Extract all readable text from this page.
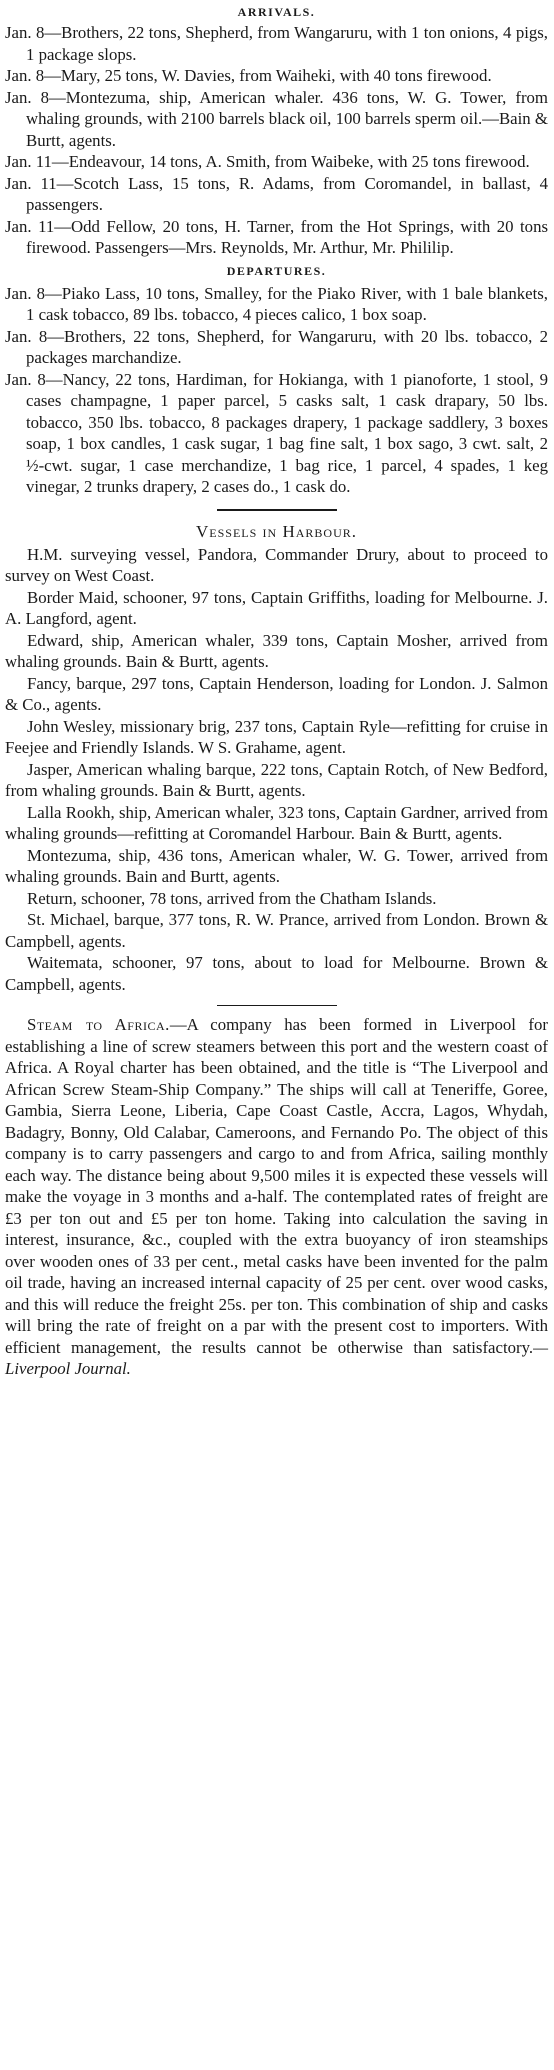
ARRIVALS.

Jan. 8—Brothers, 22 tons, Shepherd, from Wangaruru, with 1 ton onions, 4 pigs, 1 package slops.

Jan. 8—Mary, 25 tons, W. Davies, from Waiheki, with 40 tons firewood.

Jan. 8—Montezuma, ship, American whaler. 436 tons, W. G. Tower, from whaling grounds, with 2100 barrels black oil, 100 barrels sperm oil.—Bain & Burtt, agents.

Jan. 11—Endeavour, 14 tons, A. Smith, from Waibeke, with 25 tons firewood.

Jan. 11—Scotch Lass, 15 tons, R. Adams, from Coromandel, in ballast, 4 passengers.

Jan. 11—Odd Fellow, 20 tons, H. Tarner, from the Hot Springs, with 20 tons firewood. Passengers—Mrs. Reynolds, Mr. Arthur, Mr. Phililip.

DEPARTURES.

Jan. 8—Piako Lass, 10 tons, Smalley, for the Piako River, with 1 bale blankets, 1 cask tobacco, 89 lbs. tobacco, 4 pieces calico, 1 box soap.

Jan. 8—Brothers, 22 tons, Shepherd, for Wangaruru, with 20 lbs. tobacco, 2 packages marchandize.

Jan. 8—Nancy, 22 tons, Hardiman, for Hokianga, with 1 pianoforte, 1 stool, 9 cases champagne, 1 paper parcel, 5 casks salt, 1 cask drapary, 50 lbs. tobacco, 350 lbs. tobacco, 8 packages drapery, 1 package saddlery, 3 boxes soap, 1 box candles, 1 cask sugar, 1 bag fine salt, 1 box sago, 3 cwt. salt, 2 ½-cwt. sugar, 1 case merchandize, 1 bag rice, 1 parcel, 4 spades, 1 keg vinegar, 2 trunks drapery, 2 cases do., 1 cask do.

Vessels in Harbour.

H.M. surveying vessel, Pandora, Commander Drury, about to proceed to survey on West Coast.

Border Maid, schooner, 97 tons, Captain Griffiths, loading for Melbourne. J. A. Langford, agent.

Edward, ship, American whaler, 339 tons, Captain Mosher, arrived from whaling grounds. Bain & Burtt, agents.

Fancy, barque, 297 tons, Captain Henderson, loading for London. J. Salmon & Co., agents.

John Wesley, missionary brig, 237 tons, Captain Ryle—refitting for cruise in Feejee and Friendly Islands. W S. Grahame, agent.

Jasper, American whaling barque, 222 tons, Captain Rotch, of New Bedford, from whaling grounds. Bain & Burtt, agents.

Lalla Rookh, ship, American whaler, 323 tons, Captain Gardner, arrived from whaling grounds—refitting at Coromandel Harbour. Bain & Burtt, agents.

Montezuma, ship, 436 tons, American whaler, W. G. Tower, arrived from whaling grounds. Bain and Burtt, agents.

Return, schooner, 78 tons, arrived from the Chatham Islands.

St. Michael, barque, 377 tons, R. W. Prance, arrived from London. Brown & Campbell, agents.

Waitemata, schooner, 97 tons, about to load for Melbourne. Brown & Campbell, agents.

Steam to Africa.—A company has been formed in Liverpool for establishing a line of screw steamers between this port and the western coast of Africa. A Royal charter has been obtained, and the title is “The Liverpool and African Screw Steam-Ship Company.” The ships will call at Teneriffe, Goree, Gambia, Sierra Leone, Liberia, Cape Coast Castle, Accra, Lagos, Whydah, Badagry, Bonny, Old Calabar, Cameroons, and Fernando Po. The object of this company is to carry passengers and cargo to and from Africa, sailing monthly each way. The distance being about 9,500 miles it is expected these vessels will make the voyage in 3 months and a-half. The contemplated rates of freight are £3 per ton out and £5 per ton home. Taking into calculation the saving in interest, insurance, &c., coupled with the extra buoyancy of iron steamships over wooden ones of 33 per cent., metal casks have been invented for the palm oil trade, having an increased internal capacity of 25 per cent. over wood casks, and this will reduce the freight 25s. per ton. This combination of ship and casks will bring the rate of freight on a par with the present cost to importers. With efficient management, the results cannot be otherwise than satisfactory.—Liverpool Journal.
